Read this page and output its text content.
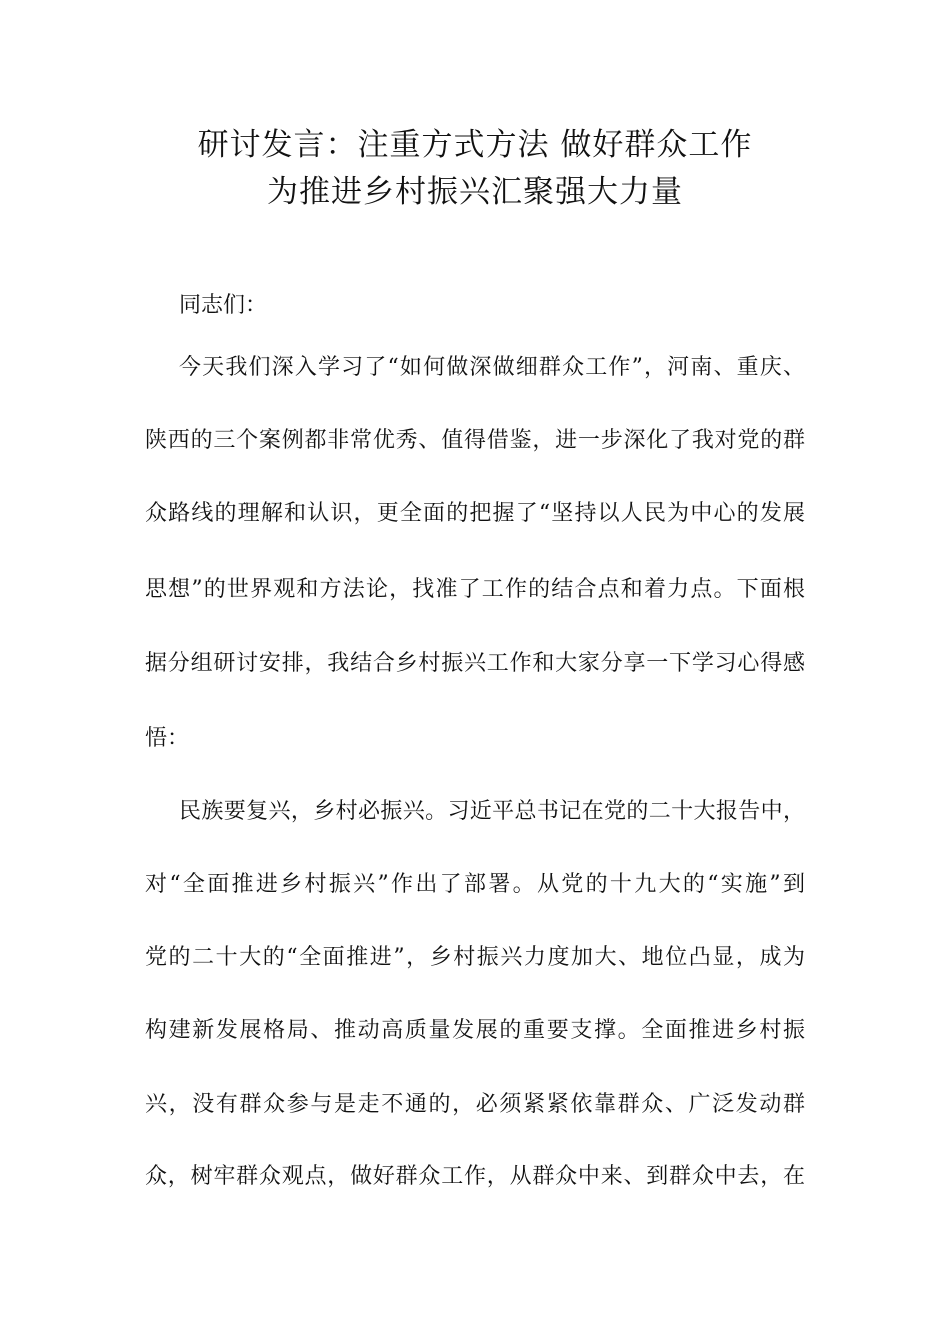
研讨发言：注重方式方法 做好群众工作
为推进乡村振兴汇聚强大力量
同志们：
今天我们深入学习了“如何做深做细群众工作”，河南、重庆、
陕西的三个案例都非常优秀、值得借鉴，进一步深化了我对党的群
众路线的理解和认识，更全面的把握了“坚持以人民为中心的发展
思想”的世界观和方法论，找准了工作的结合点和着力点。下面根
据分组研讨安排，我结合乡村振兴工作和大家分享一下学习心得感
悟：
民族要复兴，乡村必振兴。习近平总书记在党的二十大报告中，
对“全面推进乡村振兴”作出了部署。从党的十九大的“实施”到
党的二十大的“全面推进”，乡村振兴力度加大、地位凸显，成为
构建新发展格局、推动高质量发展的重要支撑。全面推进乡村振
兴，没有群众参与是走不通的，必须紧紧依靠群众、广泛发动群
众，树牢群众观点，做好群众工作，从群众中来、到群众中去，在
